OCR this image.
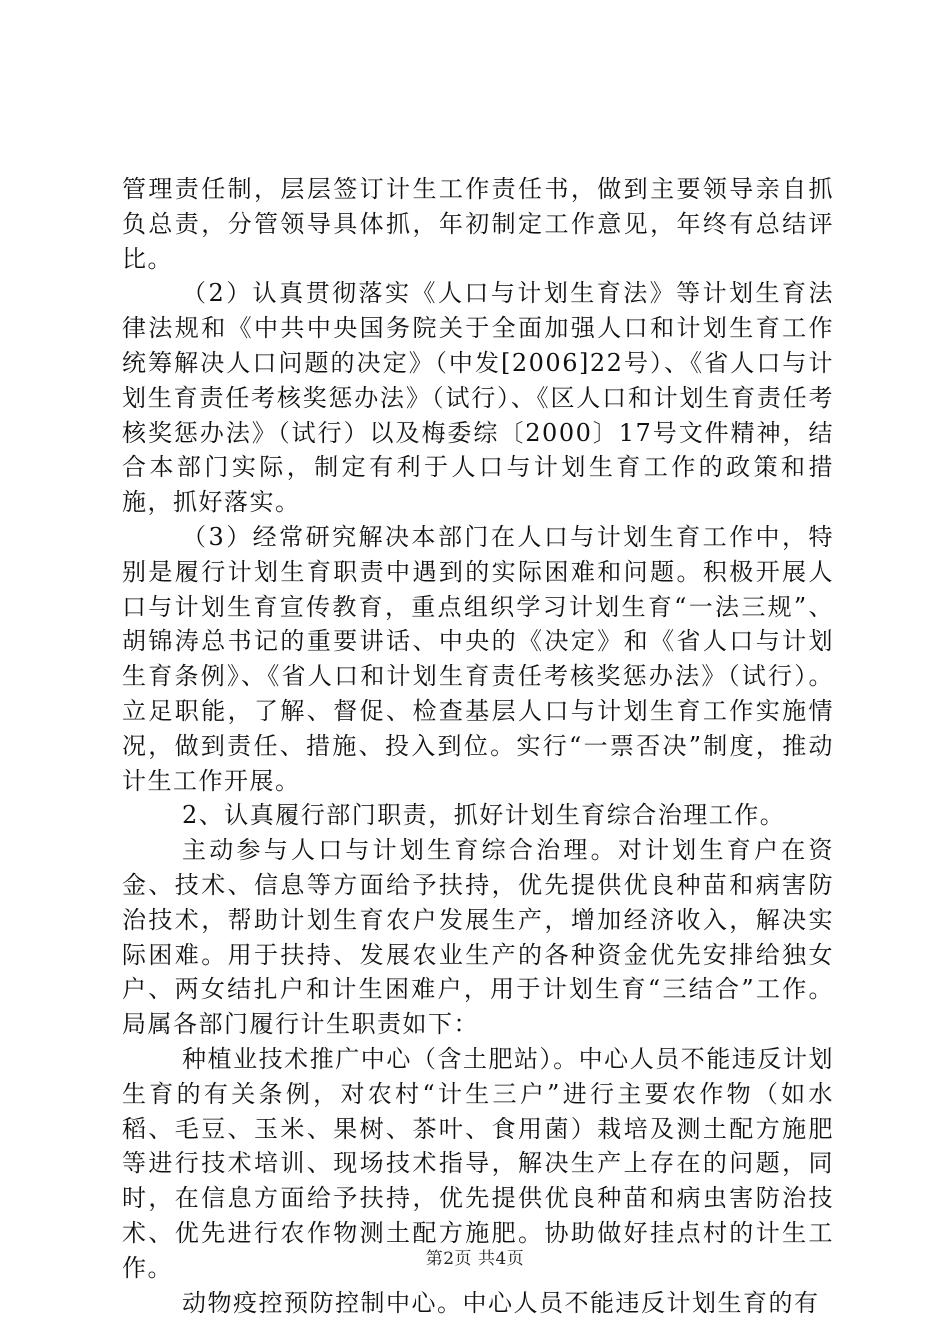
管理责任制，层层签订计生工作责任书，做到主要领导亲自抓负总责，分管领导具体抓，年初制定工作意见，年终有总结评比。

（2）认真贯彻落实《人口与计划生育法》等计划生育法律法规和《中共中央国务院关于全面加强人口和计划生育工作统筹解决人口问题的决定》（中发[2006]22号）、《省人口与计划生育责任考核奖惩办法》（试行）、《区人口和计划生育责任考核奖惩办法》（试行）以及梅委综〔2000〕17号文件精神，结合本部门实际，制定有利于人口与计划生育工作的政策和措施，抓好落实。

（3）经常研究解决本部门在人口与计划生育工作中，特别是履行计划生育职责中遇到的实际困难和问题。积极开展人口与计划生育宣传教育，重点组织学习计划生育“一法三规”、胡锦涛总书记的重要讲话、中央的《决定》和《省人口与计划生育条例》、《省人口和计划生育责任考核奖惩办法》（试行）。立足职能，了解、督促、检查基层人口与计划生育工作实施情况，做到责任、措施、投入到位。实行“一票否决”制度，推动计生工作开展。

2、认真履行部门职责，抓好计划生育综合治理工作。

主动参与人口与计划生育综合治理。对计划生育户在资金、技术、信息等方面给予扶持，优先提供优良种苗和病害防治技术，帮助计划生育农户发展生产，增加经济收入，解决实际困难。用于扶持、发展农业生产的各种资金优先安排给独女户、两女结扎户和计生困难户，用于计划生育“三结合”工作。局属各部门履行计生职责如下：

种植业技术推广中心（含土肥站）。中心人员不能违反计划生育的有关条例，对农村“计生三户”进行主要农作物（如水稻、毛豆、玉米、果树、茶叶、食用菌）栽培及测土配方施肥等进行技术培训、现场技术指导，解决生产上存在的问题，同时，在信息方面给予扶持，优先提供优良种苗和病虫害防治技术、优先进行农作物测土配方施肥。协助做好挂点村的计生工作。

动物疫控预防控制中心。中心人员不能违反计划生育的有

第2页 共4页
